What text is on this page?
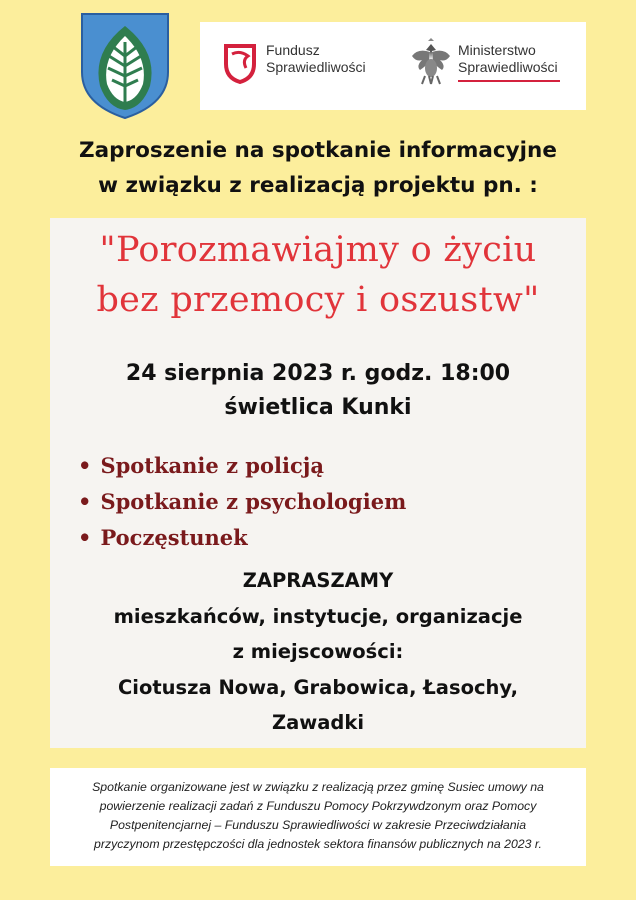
Fundusz
Sprawiedliwości
Ministerstwo
Sprawiedliwości
Zaproszenie na spotkanie informacyjne
w związku z realizacją projektu pn. :
"Porozmawiajmy o życiu
bez przemocy i oszustw"
24 sierpnia 2023 r. godz. 18:00
świetlica Kunki
• Spotkanie z policją
• Spotkanie z psychologiem
• Poczęstunek
ZAPRASZAMY
mieszkańców, instytucje, organizacje
z miejscowości:
Ciotusza Nowa, Grabowica, Łasochy,
Zawadki
Spotkanie organizowane jest w związku z realizacją przez gminę Susiec umowy na
powierzenie realizacji zadań z Funduszu Pomocy Pokrzywdzonym oraz Pomocy
Postpenitencjarnej – Funduszu Sprawiedliwości w zakresie Przeciwdziałania
przyczynom przestępczości dla jednostek sektora finansów publicznych na 2023 r.
